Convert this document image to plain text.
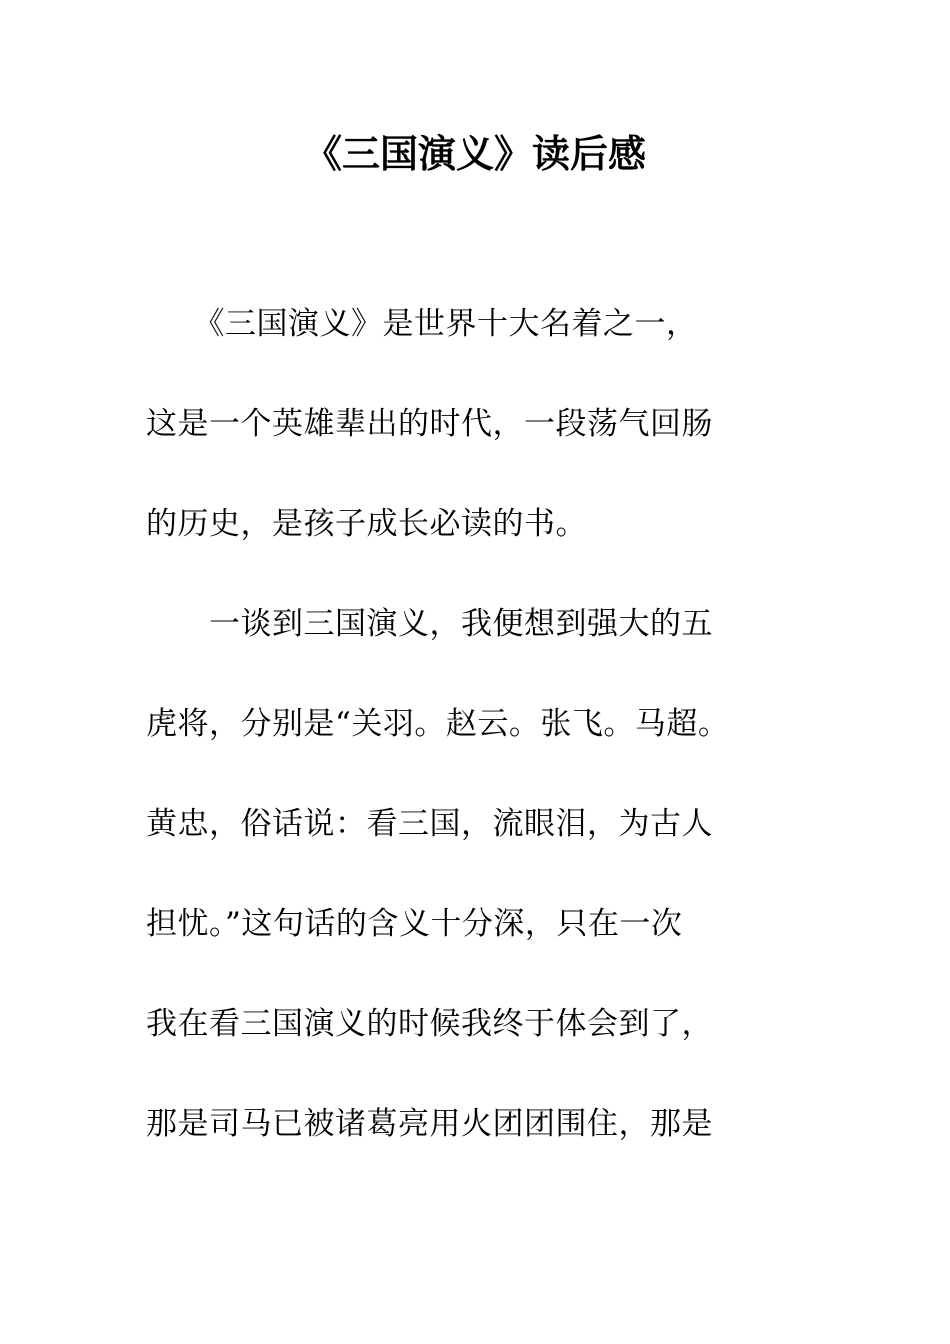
《三国演义》读后感
　　《三国演义》是世界十大名着之一，
这是一个英雄辈出的时代，一段荡气回肠
的历史，是孩子成长必读的书。
　　一谈到三国演义，我便想到强大的五
虎将，分别是“关羽。赵云。张飞。马超。
黄忠，俗话说：看三国，流眼泪，为古人
担忧。”这句话的含义十分深，只在一次
我在看三国演义的时候我终于体会到了，
那是司马已被诸葛亮用火团团围住，那是
